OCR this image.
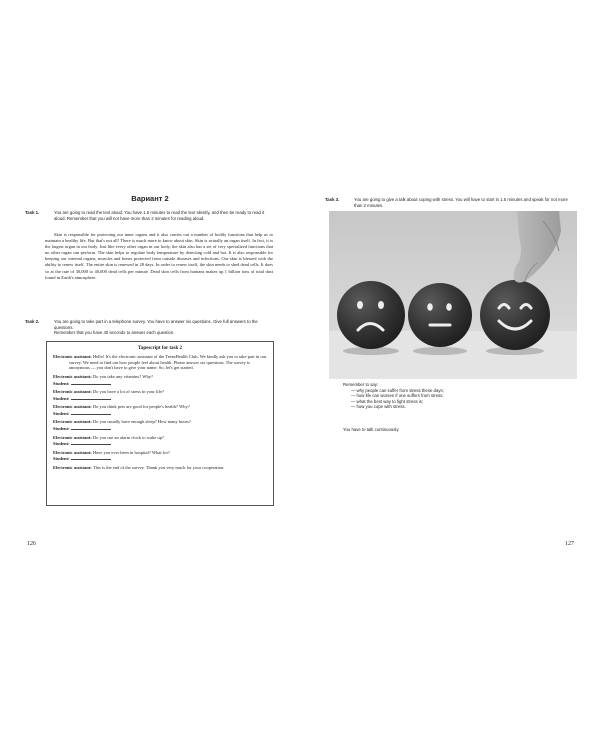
Вариант 2
Task 1.	You are going to read the text aloud. You have 1.5 minutes to read the text silently, and then be ready to read it aloud. Remember that you will not have more than 2 minutes for reading aloud.
Skin is responsible for protecting our inner organs and it also carries out a number of bodily functions that help us to maintain a healthy life. But that's not all! There is much more to know about skin. Skin is actually an organ itself. In fact, it is the largest organ in our body. Just like every other organ in our body, the skin also has a set of very specialized functions that no other organ can perform. The skin helps to regulate body temperature by detecting cold and hot. It is also responsible for keeping our internal organs, muscles and bones protected from outside diseases and infections. Our skin is blessed with the ability to renew itself. The entire skin is renewed in 28 days. In order to renew itself, the skin needs to shed dead cells. It does so at the rate of 30,000 to 40,000 dead cells per minute. Dead skin cells from humans makes up 1 billion tons of total dust found in Earth's atmosphere.
Task 2.	You are going to take part in a telephone survey. You have to answer six questions. Give full answers to the questions.
Remember that you have 40 seconds to answer each question.
Tapescript for task 2

Electronic assistant: Hello! It's the electronic assistant of the TeensHealth Club. We kindly ask you to take part in our survey. We need to find out how people feel about health. Please answer six questions. The survey is anonymous — you don't have to give your name. So, let's get started.

Electronic assistant: Do you take any vitamins? Why?

Student:

Electronic assistant: Do you have a lot of stress in your life?

Student:

Electronic assistant: Do you think pets are good for people's health? Why?

Student:

Electronic assistant: Do you usually have enough sleep? How many hours?

Student:

Electronic assistant: Do you use an alarm clock to wake up?

Student:

Electronic assistant: Have you ever been in hospital? What for?

Student:

Electronic assistant: This is the end of the survey. Thank you very much for your cooperation.

126
Task 3.	You are going to give a talk about coping with stress. You will have to start in 1.5 minutes and speak for not more than 2 minutes.
127
Remember to say:
— why people can suffer from stress these days;
— how life can worsen if one suffers from stress;
— what the best way to fight stress is;
— how you cope with stress.
You have to talk continuously.
